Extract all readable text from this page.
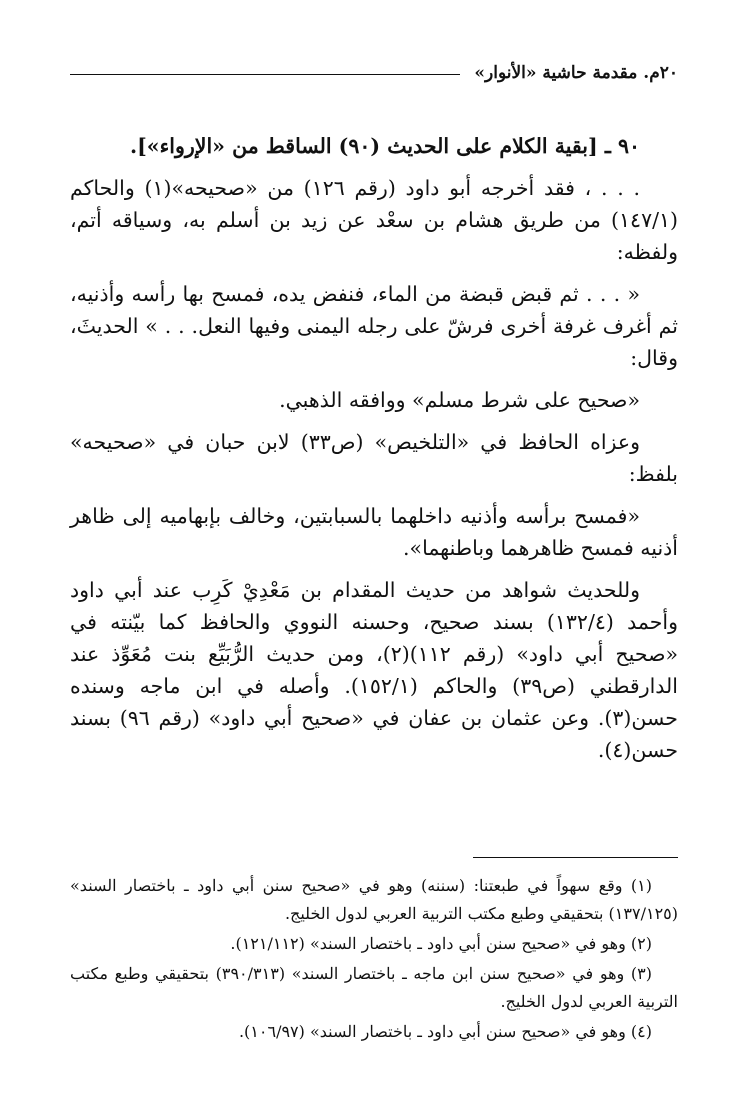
٢٠م. مقدمة حاشية «الأنوار»

٩٠ ـ [بقية الكلام على الحديث (٩٠) الساقط من «الإرواء»].

. . . ، فقد أخرجه أبو داود (رقم ١٢٦) من «صحيحه»(١) والحاكم (١٤٧/١) من طريق هشام بن سعْد عن زيد بن أسلم به، وسياقه أتم، ولفظه:

« . . . ثم قبض قبضة من الماء، فنفض يده، فمسح بها رأسه وأذنيه، ثم أغرف غرفة أخرى فرشّ على رجله اليمنى وفيها النعل. . . » الحديثَ، وقال:

«صحيح على شرط مسلم» ووافقه الذهبي.

وعزاه الحافظ في «التلخيص» (ص٣٣) لابن حبان في «صحيحه» بلفظ:

«فمسح برأسه وأذنيه داخلهما بالسبابتين، وخالف بإبهاميه إلى ظاهر أذنيه فمسح ظاهرهما وباطنهما».

وللحديث شواهد من حديث المقدام بن مَعْدِيْ كَرِب عند أبي داود وأحمد (١٣٢/٤) بسند صحيح، وحسنه النووي والحافظ كما بيّنته في «صحيح أبي داود» (رقم ١١٢)(٢)، ومن حديث الرُّبَيِّع بنت مُعَوِّذ عند الدارقطني (ص٣٩) والحاكم (١٥٢/١). وأصله في ابن ماجه وسنده حسن(٣). وعن عثمان بن عفان في «صحيح أبي داود» (رقم ٩٦) بسند حسن(٤).

(١) وقع سهواً في طبعتنا: (سننه) وهو في «صحيح سنن أبي داود ـ باختصار السند» (١٣٧/١٢٥) بتحقيقي وطبع مكتب التربية العربي لدول الخليج.

(٢) وهو في «صحيح سنن أبي داود ـ باختصار السند» (١٢١/١١٢).

(٣) وهو في «صحيح سنن ابن ماجه ـ باختصار السند» (٣٩٠/٣١٣) بتحقيقي وطبع مكتب التربية العربي لدول الخليج.

(٤) وهو في «صحيح سنن أبي داود ـ باختصار السند» (١٠٦/٩٧).
